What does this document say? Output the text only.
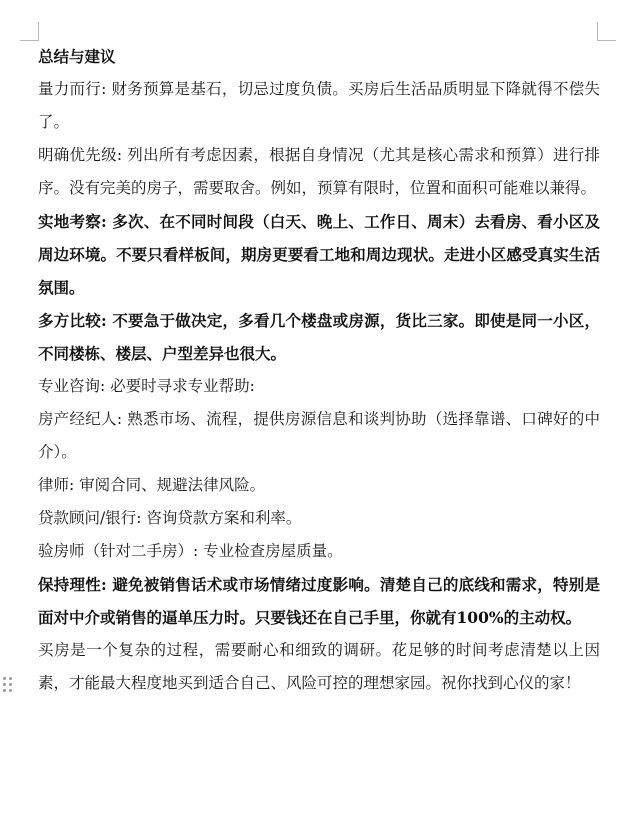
总结与建议

量力而行: 财务预算是基石，切忌过度负债。买房后生活品质明显下降就得不偿失了。

明确优先级: 列出所有考虑因素，根据自身情况（尤其是核心需求和预算）进行排序。没有完美的房子，需要取舍。例如，预算有限时，位置和面积可能难以兼得。

实地考察: 多次、在不同时间段（白天、晚上、工作日、周末）去看房、看小区及周边环境。不要只看样板间，期房更要看工地和周边现状。走进小区感受真实生活氛围。

多方比较: 不要急于做决定，多看几个楼盘或房源，货比三家。即使是同一小区，不同楼栋、楼层、户型差异也很大。

专业咨询: 必要时寻求专业帮助:

房产经纪人: 熟悉市场、流程，提供房源信息和谈判协助（选择靠谱、口碑好的中介）。

律师: 审阅合同、规避法律风险。

贷款顾问/银行: 咨询贷款方案和利率。

验房师（针对二手房）: 专业检查房屋质量。

保持理性: 避免被销售话术或市场情绪过度影响。清楚自己的底线和需求，特别是面对中介或销售的逼单压力时。只要钱还在自己手里，你就有100%的主动权。

买房是一个复杂的过程，需要耐心和细致的调研。花足够的时间考虑清楚以上因素，才能最大程度地买到适合自己、风险可控的理想家园。祝你找到心仪的家！
